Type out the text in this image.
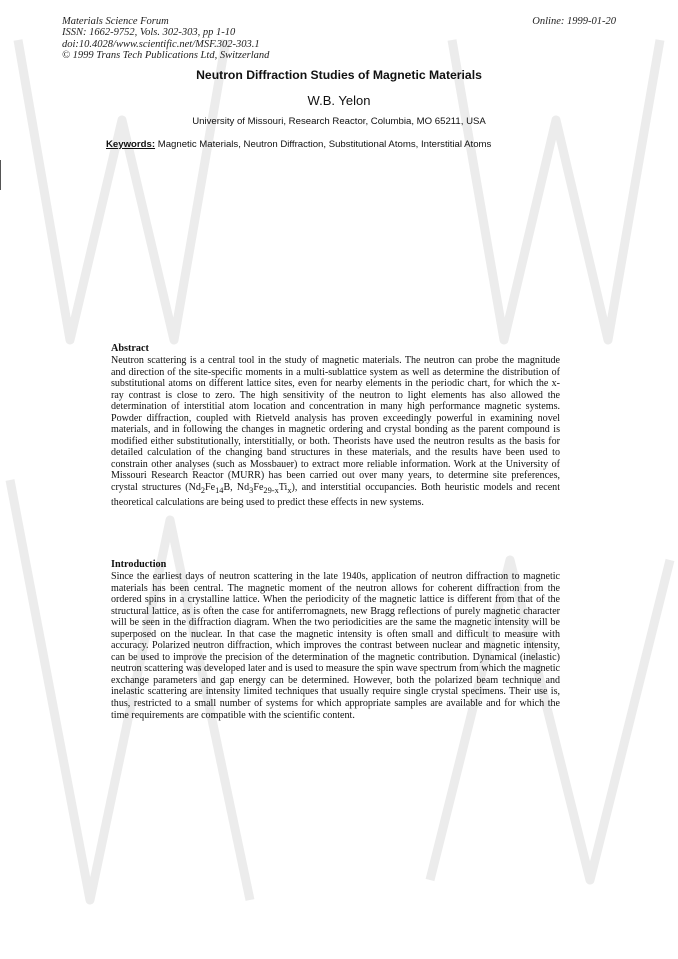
Materials Science Forum
ISSN: 1662-9752, Vols. 302-303, pp 1-10
doi:10.4028/www.scientific.net/MSF.302-303.1
© 1999 Trans Tech Publications Ltd, Switzerland
Online: 1999-01-20
Neutron Diffraction Studies of Magnetic Materials
W.B. Yelon
University of Missouri, Research Reactor, Columbia, MO 65211, USA
Keywords: Magnetic Materials, Neutron Diffraction, Substitutional Atoms, Interstitial Atoms
Abstract
Neutron scattering is a central tool in the study of magnetic materials. The neutron can probe the magnitude and direction of the site-specific moments in a multi-sublattice system as well as determine the distribution of substitutional atoms on different lattice sites, even for nearby elements in the periodic chart, for which the x-ray contrast is close to zero. The high sensitivity of the neutron to light elements has also allowed the determination of interstitial atom location and concentration in many high performance magnetic systems. Powder diffraction, coupled with Rietveld analysis has proven exceedingly powerful in examining novel materials, and in following the changes in magnetic ordering and crystal bonding as the parent compound is modified either substitutionally, interstitially, or both. Theorists have used the neutron results as the basis for detailed calculation of the changing band structures in these materials, and the results have been used to constrain other analyses (such as Mossbauer) to extract more reliable information. Work at the University of Missouri Research Reactor (MURR) has been carried out over many years, to determine site preferences, crystal structures ($Nd_2Fe_{14}B$, $Nd_3Fe_{29-x}Ti_x$), and interstitial occupancies. Both heuristic models and recent theoretical calculations are being used to predict these effects in new systems.
Introduction
Since the earliest days of neutron scattering in the late 1940s, application of neutron diffraction to magnetic materials has been central. The magnetic moment of the neutron allows for coherent diffraction from the ordered spins in a crystalline lattice. When the periodicity of the magnetic lattice is different from that of the structural lattice, as is often the case for antiferromagnets, new Bragg reflections of purely magnetic character will be seen in the diffraction diagram. When the two periodicities are the same the magnetic intensity will be superposed on the nuclear. In that case the magnetic intensity is often small and difficult to measure with accuracy. Polarized neutron diffraction, which improves the contrast between nuclear and magnetic intensity, can be used to improve the precision of the determination of the magnetic contribution. Dynamical (inelastic) neutron scattering was developed later and is used to measure the spin wave spectrum from which the magnetic exchange parameters and gap energy can be determined. However, both the polarized beam technique and inelastic scattering are intensity limited techniques that usually require single crystal specimens. Their use is, thus, restricted to a small number of systems for which appropriate samples are available and for which the time requirements are compatible with the scientific content.
